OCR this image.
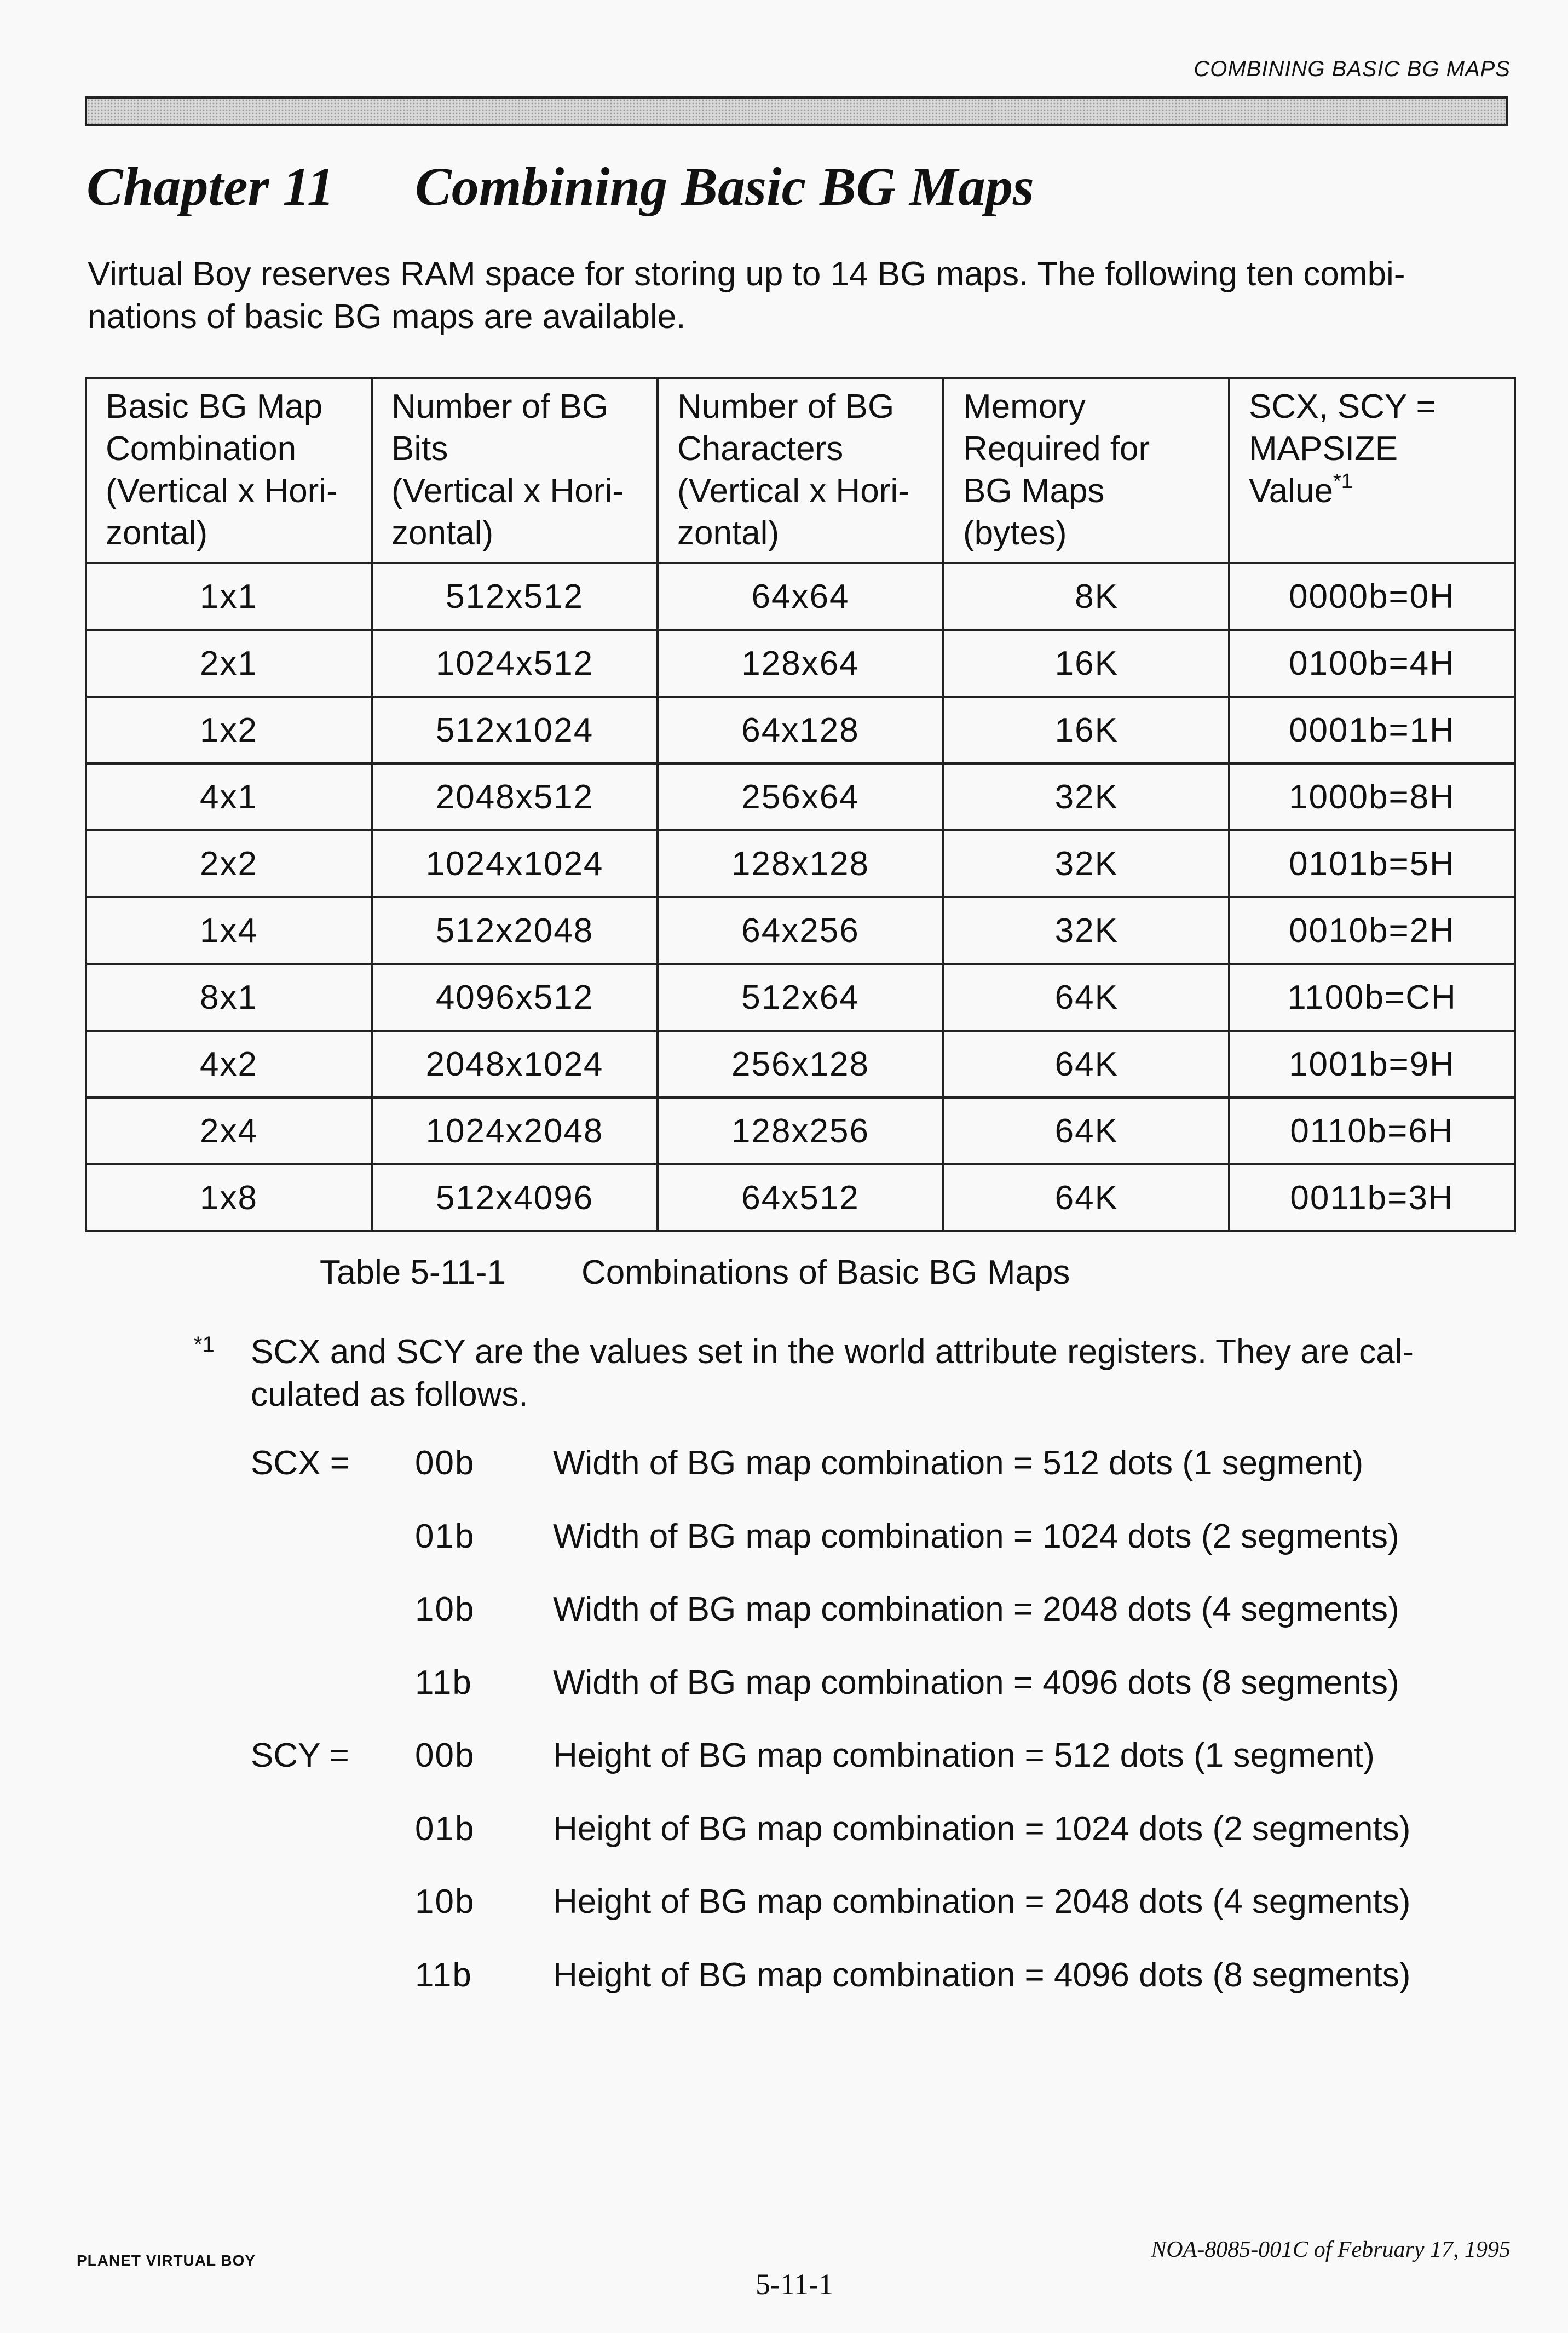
COMBINING BASIC BG MAPS
Chapter 11 Combining Basic BG Maps
Virtual Boy reserves RAM space for storing up to 14 BG maps. The following ten combi-
nations of basic BG maps are available.
Basic BG Map
Combination
(Vertical x Hori-
zontal)	Number of BG
Bits
(Vertical x Hori-
zontal)	Number of BG
Characters
(Vertical x Hori-
zontal)	Memory
Required for
BG Maps
(bytes)	SCX, SCY =
MAPSIZE
Value$^{*1}$

1x1	512x512	64x64	8K	0000b=0H
2x1	1024x512	128x64	16K	0100b=4H
1x2	512x1024	64x128	16K	0001b=1H
4x1	2048x512	256x64	32K	1000b=8H
2x2	1024x1024	128x128	32K	0101b=5H
1x4	512x2048	64x256	32K	0010b=2H
8x1	4096x512	512x64	64K	1100b=CH
4x2	2048x1024	256x128	64K	1001b=9H
2x4	1024x2048	128x256	64K	0110b=6H
1x8	512x4096	64x512	64K	0011b=3H
Table 5-11-1 Combinations of Basic BG Maps
*1 SCX and SCY are the values set in the world attribute registers. They are cal-
culated as follows.
SCX = 00b Width of BG map combination = 512 dots (1 segment)
01b Width of BG map combination = 1024 dots (2 segments)
10b Width of BG map combination = 2048 dots (4 segments)
11b Width of BG map combination = 4096 dots (8 segments)
SCY = 00b Height of BG map combination = 512 dots (1 segment)
01b Height of BG map combination = 1024 dots (2 segments)
10b Height of BG map combination = 2048 dots (4 segments)
11b Height of BG map combination = 4096 dots (8 segments)
PLANET VIRTUAL BOY	NOA-8085-001C of February 17, 1995
5-11-1
